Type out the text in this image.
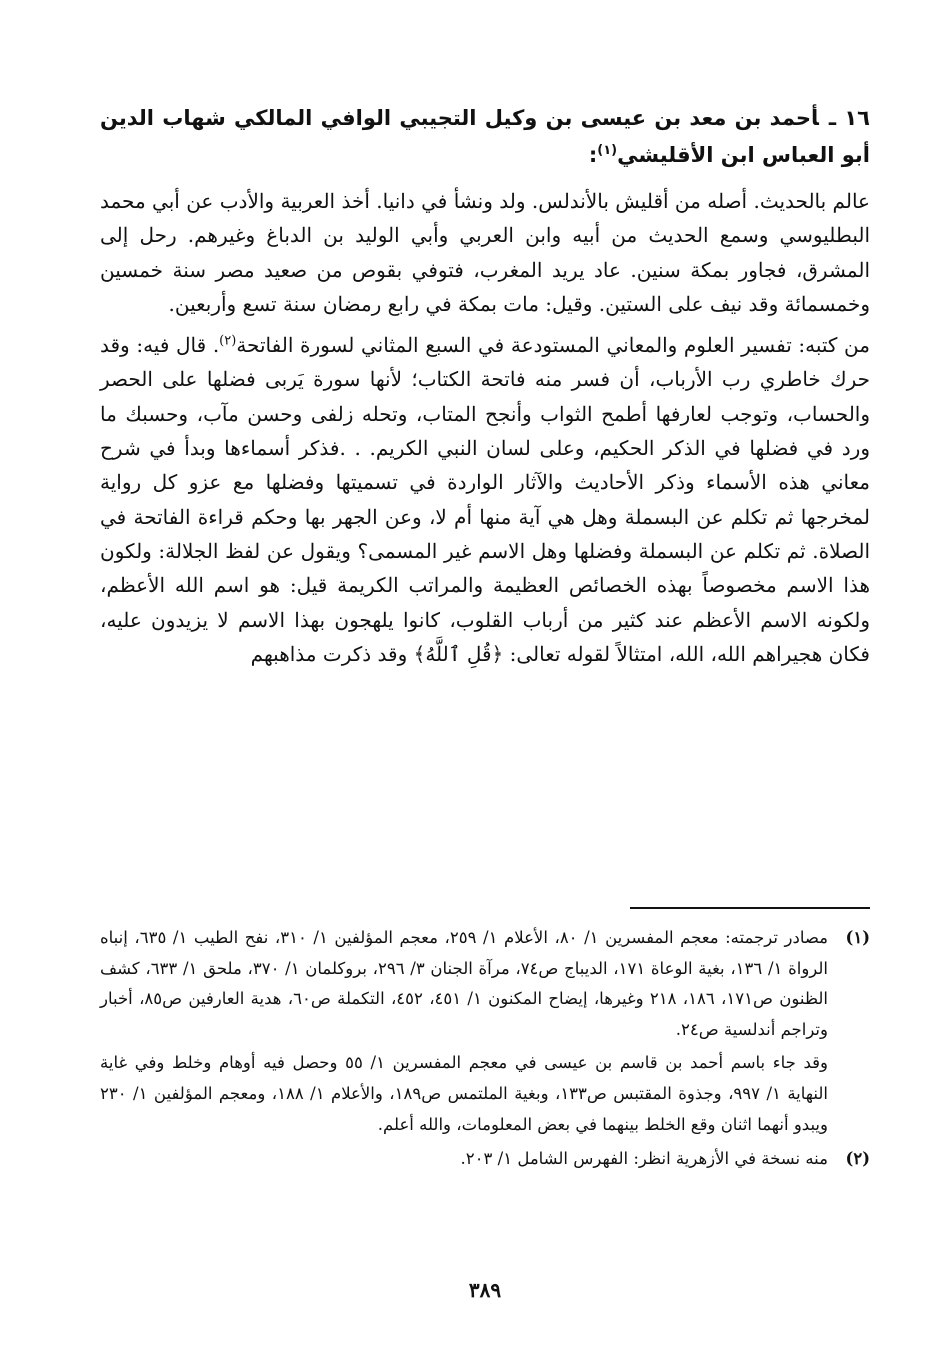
١٦ ـأحمد بن معد بن عيسى بن وكيل التجيبي الوافي المالكي شهاب الدين أبو العباس ابن الأقليشي$^{(١)}$:

عالم بالحديث. أصله من أقليش بالأندلس. ولد ونشأ في دانيا. أخذ العربية والأدب عن أبي محمد البطليوسي وسمع الحديث من أبيه وابن العربي وأبي الوليد بن الدباغ وغيرهم. رحل إلى المشرق، فجاور بمكة سنين. عاد يريد المغرب، فتوفي بقوص من صعيد مصر سنة خمسين وخمسمائة وقد نيف على الستين. وقيل: مات بمكة في رابع رمضان سنة تسع وأربعين.

من كتبه: تفسير العلوم والمعاني المستودعة في السبع المثاني لسورة الفاتحة$^{(٢)}$. قال فيه: وقد حرك خاطري رب الأرباب، أن فسر منه فاتحة الكتاب؛ لأنها سورة يَربى فضلها على الحصر والحساب، وتوجب لعارفها أطمح الثواب وأنجح المتاب، وتحله زلفى وحسن مآب، وحسبك ما ورد في فضلها في الذكر الحكيم، وعلى لسان النبي الكريم. . .فذكر أسماءها وبدأ في شرح معاني هذه الأسماء وذكر الأحاديث والآثار الواردة في تسميتها وفضلها مع عزو كل رواية لمخرجها ثم تكلم عن البسملة وهل هي آية منها أم لا، وعن الجهر بها وحكم قراءة الفاتحة في الصلاة. ثم تكلم عن البسملة وفضلها وهل الاسم غير المسمى؟ ويقول عن لفظ الجلالة: ولكون هذا الاسم مخصوصاً بهذه الخصائص العظيمة والمراتب الكريمة قيل: هو اسم الله الأعظم، ولكونه الاسم الأعظم عند كثير من أرباب القلوب، كانوا يلهجون بهذا الاسم لا يزيدون عليه، فكان هجيراهم الله، الله، امتثالاً لقوله تعالى: ﴿قُلِ ٱللَّهُ﴾ وقد ذكرت مذاهبهم

(١)

مصادر ترجمته: معجم المفسرين ١/ ٨٠، الأعلام ١/ ٢٥٩، معجم المؤلفين ١/ ٣١٠، نفح الطيب ١/ ٦٣٥، إنباه الرواة ١/ ١٣٦، بغية الوعاة ١٧١، الديباج ص٧٤، مرآة الجنان ٣/ ٢٩٦، بروكلمان ١/ ٣٧٠، ملحق ١/ ٦٣٣، كشف الظنون ص١٧١، ١٨٦، ٢١٨ وغيرها، إيضاح المكنون ١/ ٤٥١، ٤٥٢، التكملة ص٦٠، هدية العارفين ص٨٥، أخبار وتراجم أندلسية ص٢٤.

وقد جاء باسم أحمد بن قاسم بن عيسى في معجم المفسرين ١/ ٥٥ وحصل فيه أوهام وخلط وفي غاية النهاية ١/ ٩٩٧، وجذوة المقتبس ص١٣٣، وبغية الملتمس ص١٨٩، والأعلام ١/ ١٨٨، ومعجم المؤلفين ١/ ٢٣٠ ويبدو أنهما اثنان وقع الخلط بينهما في بعض المعلومات، والله أعلم.

(٢)

منه نسخة في الأزهرية انظر: الفهرس الشامل ١/ ٢٠٣.

٣٨٩
